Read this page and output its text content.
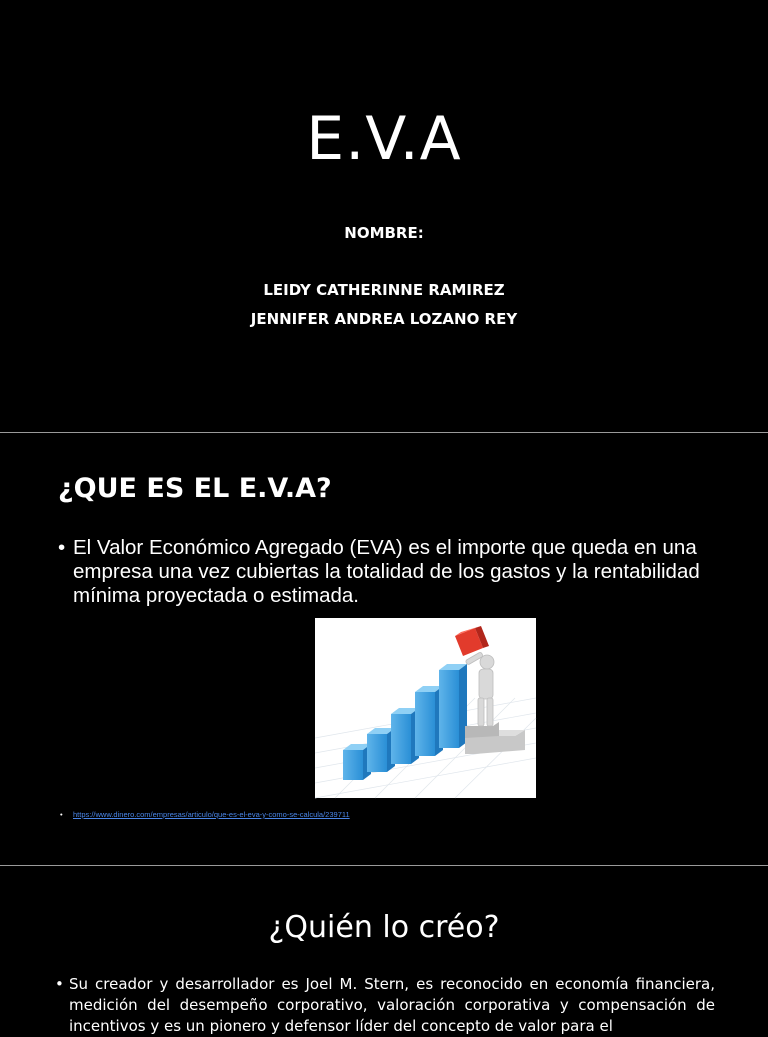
E.V.A
NOMBRE:
LEIDY CATHERINNE RAMIREZ
JENNIFER ANDREA LOZANO REY
¿QUE ES EL E.V.A?
• El Valor Económico Agregado (EVA) es el importe que queda en una empresa una vez cubiertas la totalidad de los gastos y la rentabilidad mínima proyectada o estimada.
•	https://www.dinero.com/empresas/articulo/que-es-el-eva-y-como-se-calcula/23971​1
¿Quién lo créo?
• Su creador y desarrollador es Joel M. Stern, es reconocido en economía financiera, medición del desempeño corporativo, valoración corporativa y compensación de incentivos y es un pionero y defensor líder del concepto de valor para el
